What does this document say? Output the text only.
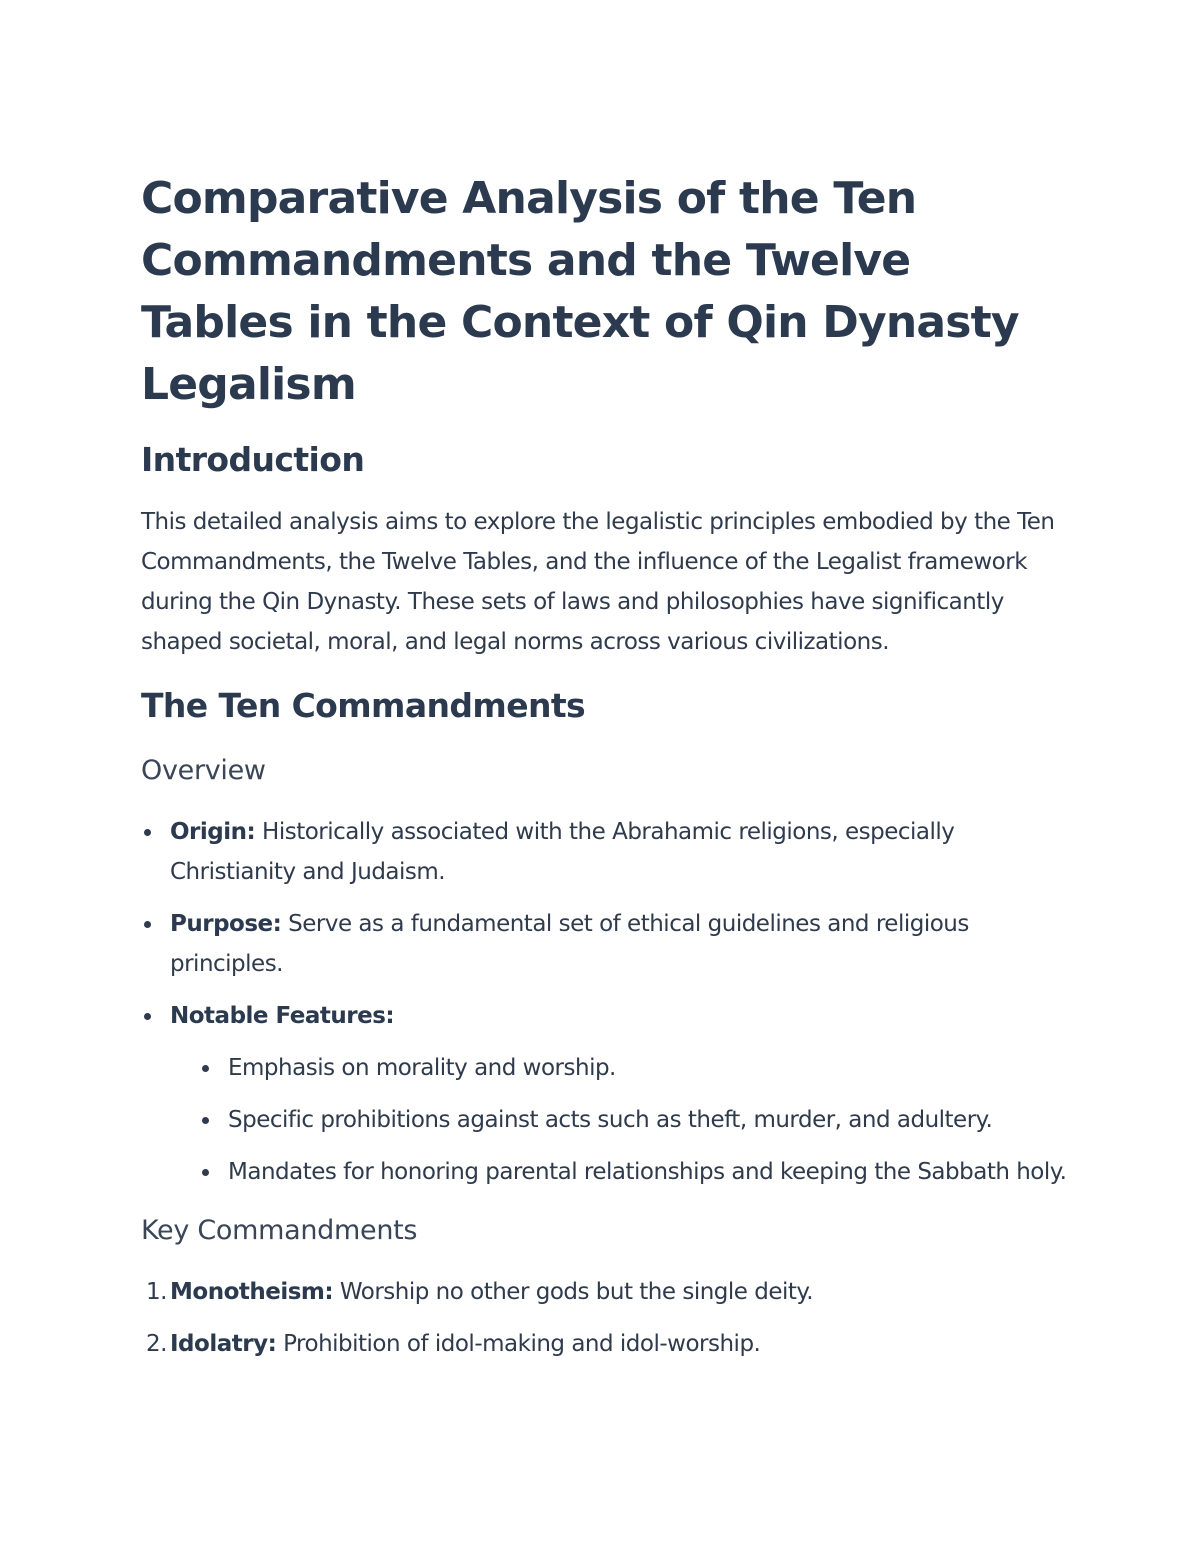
Comparative Analysis of the Ten Commandments and the Twelve Tables in the Context of Qin Dynasty Legalism
Introduction

This detailed analysis aims to explore the legalistic principles embodied by the Ten Commandments, the Twelve Tables, and the influence of the Legalist framework during the Qin Dynasty. These sets of laws and philosophies have significantly shaped societal, moral, and legal norms across various civilizations.

The Ten Commandments
Overview
Origin: Historically associated with the Abrahamic religions, especially Christianity and Judaism.
Purpose: Serve as a fundamental set of ethical guidelines and religious principles.
Notable Features:
Emphasis on morality and worship.
Specific prohibitions against acts such as theft, murder, and adultery.
Mandates for honoring parental relationships and keeping the Sabbath holy.
Key Commandments
1. Monotheism: Worship no other gods but the single deity.
2. Idolatry: Prohibition of idol-making and idol-worship.
